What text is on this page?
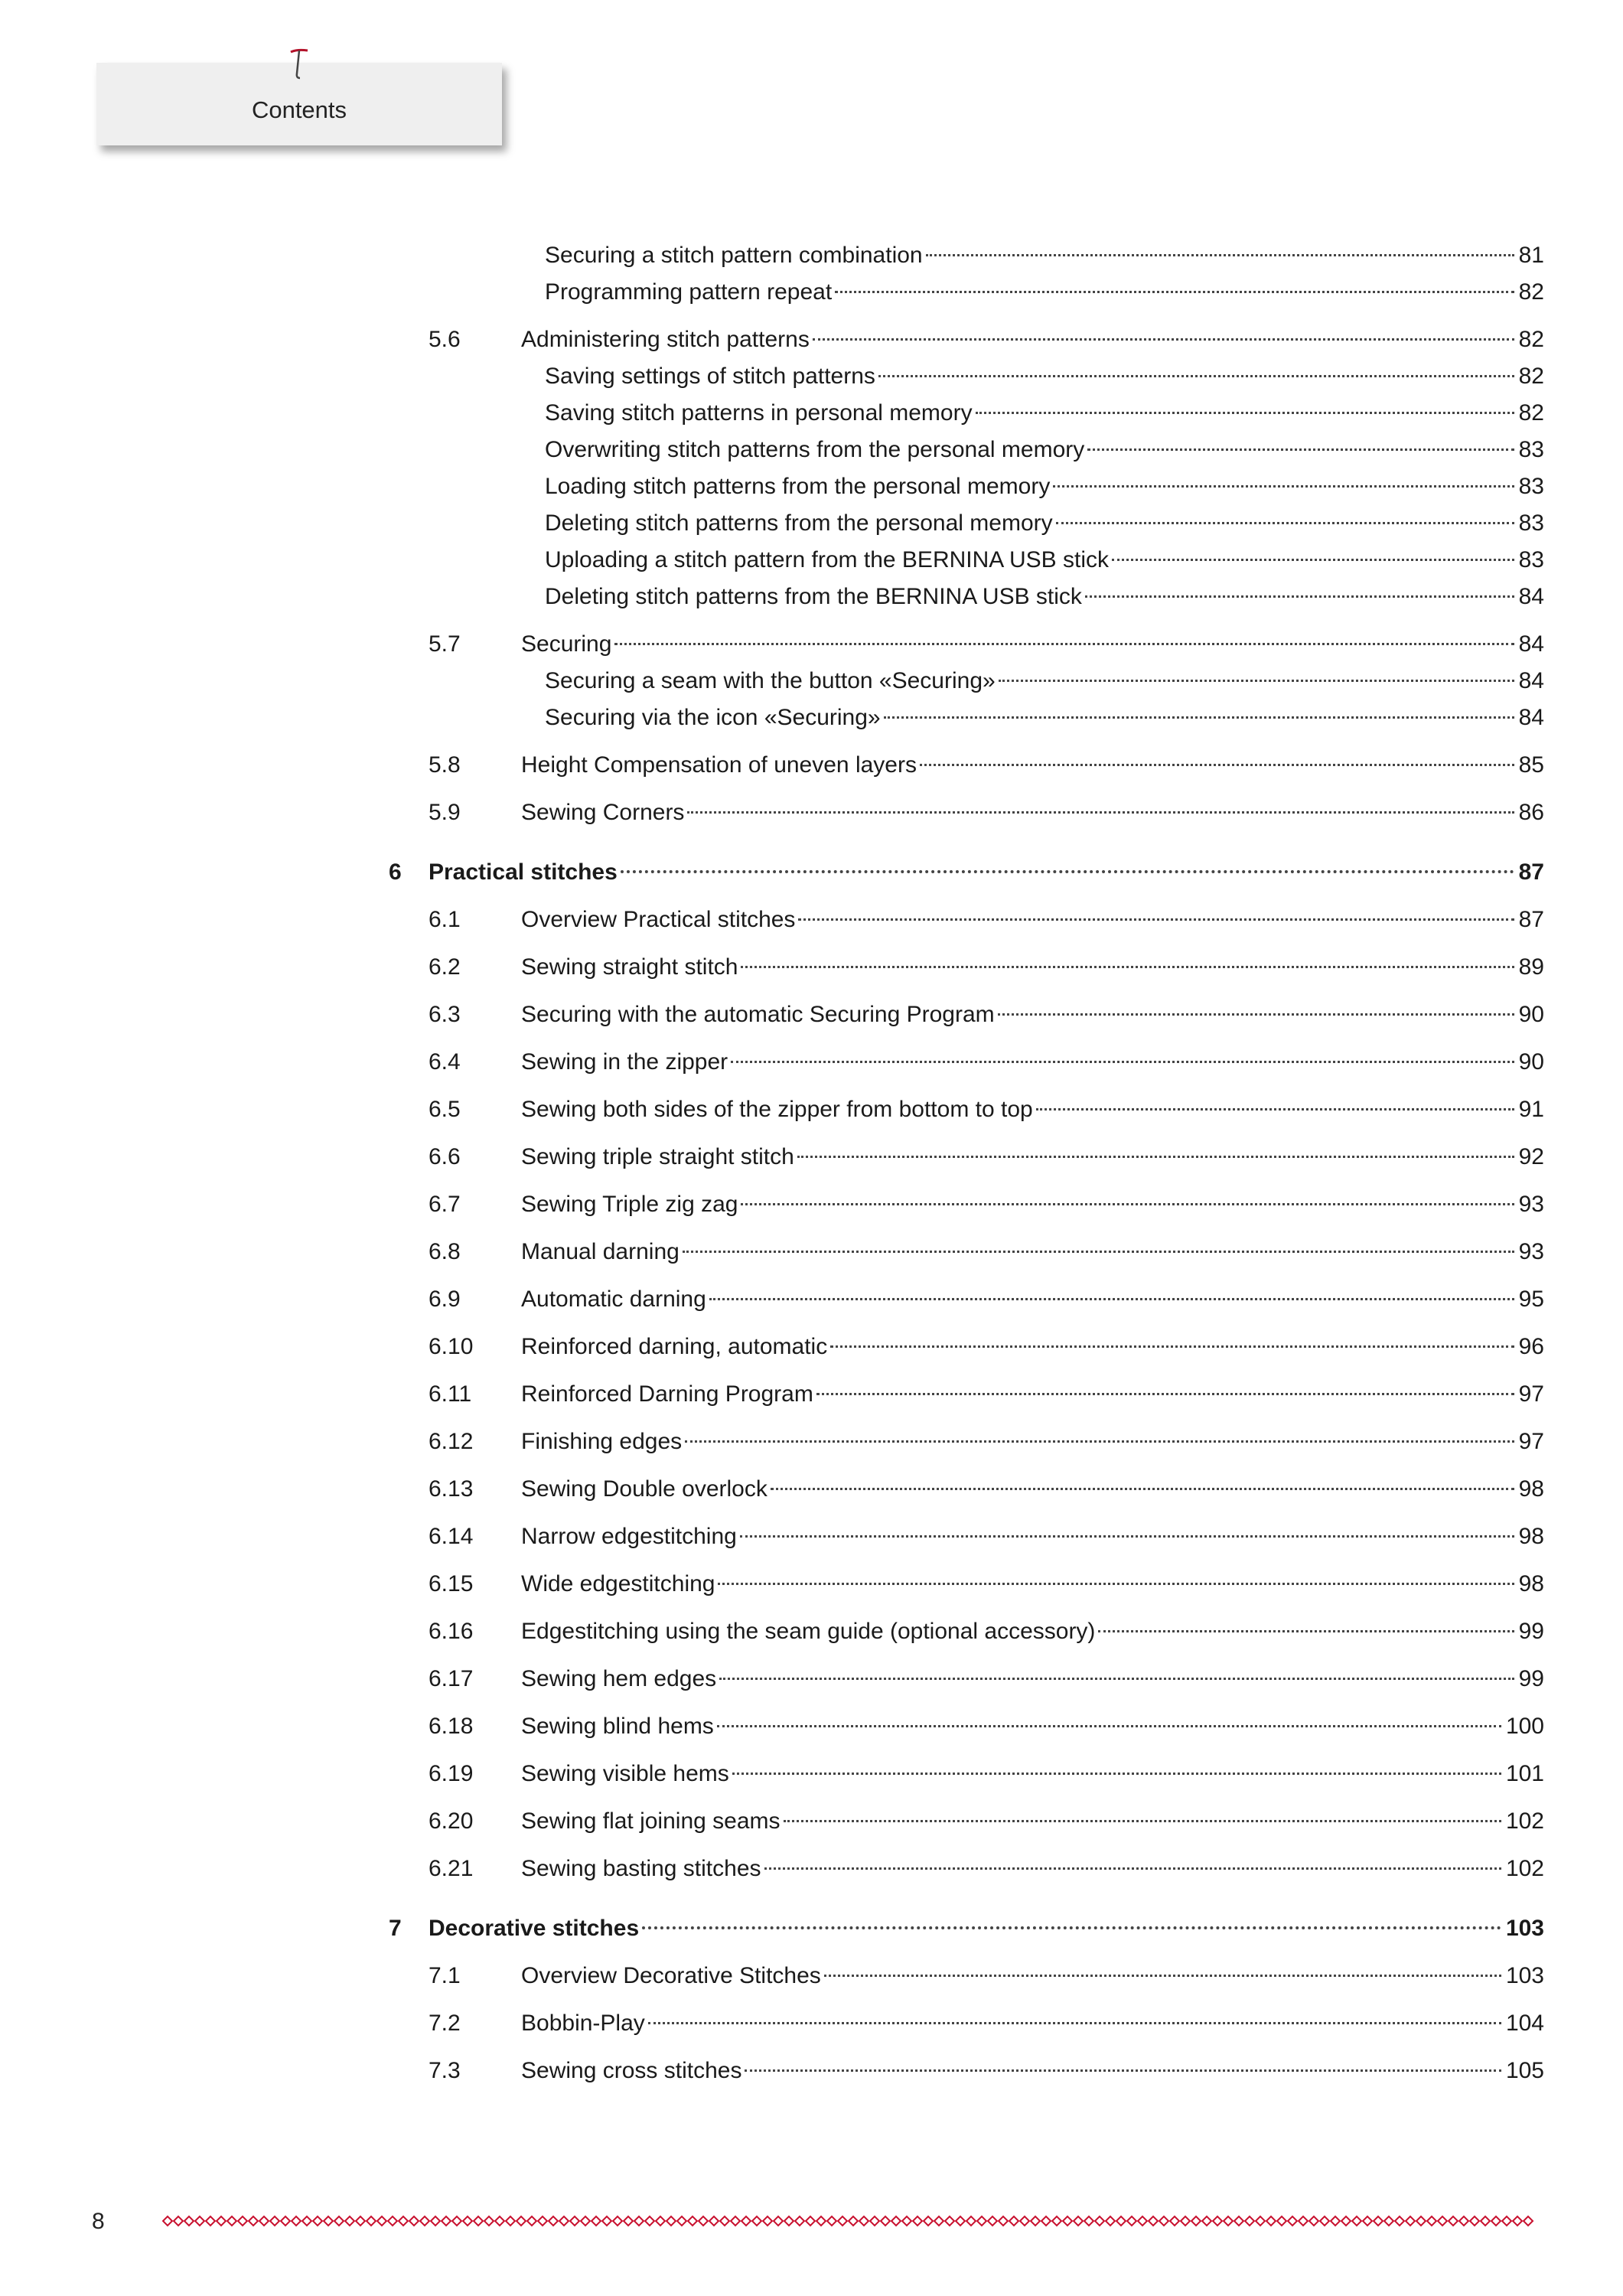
Contents
Securing a stitch pattern combination	81
Programming pattern repeat	82
5.6	Administering stitch patterns	82
Saving settings of stitch patterns	82
Saving stitch patterns in personal memory	82
Overwriting stitch patterns from the personal memory	83
Loading stitch patterns from the personal memory	83
Deleting stitch patterns from the personal memory	83
Uploading a stitch pattern from the BERNINA USB stick	83
Deleting stitch patterns from the BERNINA USB stick	84
5.7	Securing	84
Securing a seam with the button «Securing»	84
Securing via the icon «Securing»	84
5.8	Height Compensation of uneven layers	85
5.9	Sewing Corners	86
6 Practical stitches	87
6.1	Overview Practical stitches	87
6.2	Sewing straight stitch	89
6.3	Securing with the automatic Securing Program	90
6.4	Sewing in the zipper	90
6.5	Sewing both sides of the zipper from bottom to top	91
6.6	Sewing triple straight stitch	92
6.7	Sewing Triple zig zag	93
6.8	Manual darning	93
6.9	Automatic darning	95
6.10 Reinforced darning, automatic	96
6.11 Reinforced Darning Program	97
6.12 Finishing edges	97
6.13 Sewing Double overlock	98
6.14 Narrow edgestitching	98
6.15 Wide edgestitching	98
6.16 Edgestitching using the seam guide (optional accessory)	99
6.17 Sewing hem edges	99
6.18 Sewing blind hems	100
6.19 Sewing visible hems	101
6.20 Sewing flat joining seams	102
6.21 Sewing basting stitches	102
7 Decorative stitches	103
7.1	Overview Decorative Stitches	103
7.2	Bobbin-Play	104
7.3	Sewing cross stitches	105
8
